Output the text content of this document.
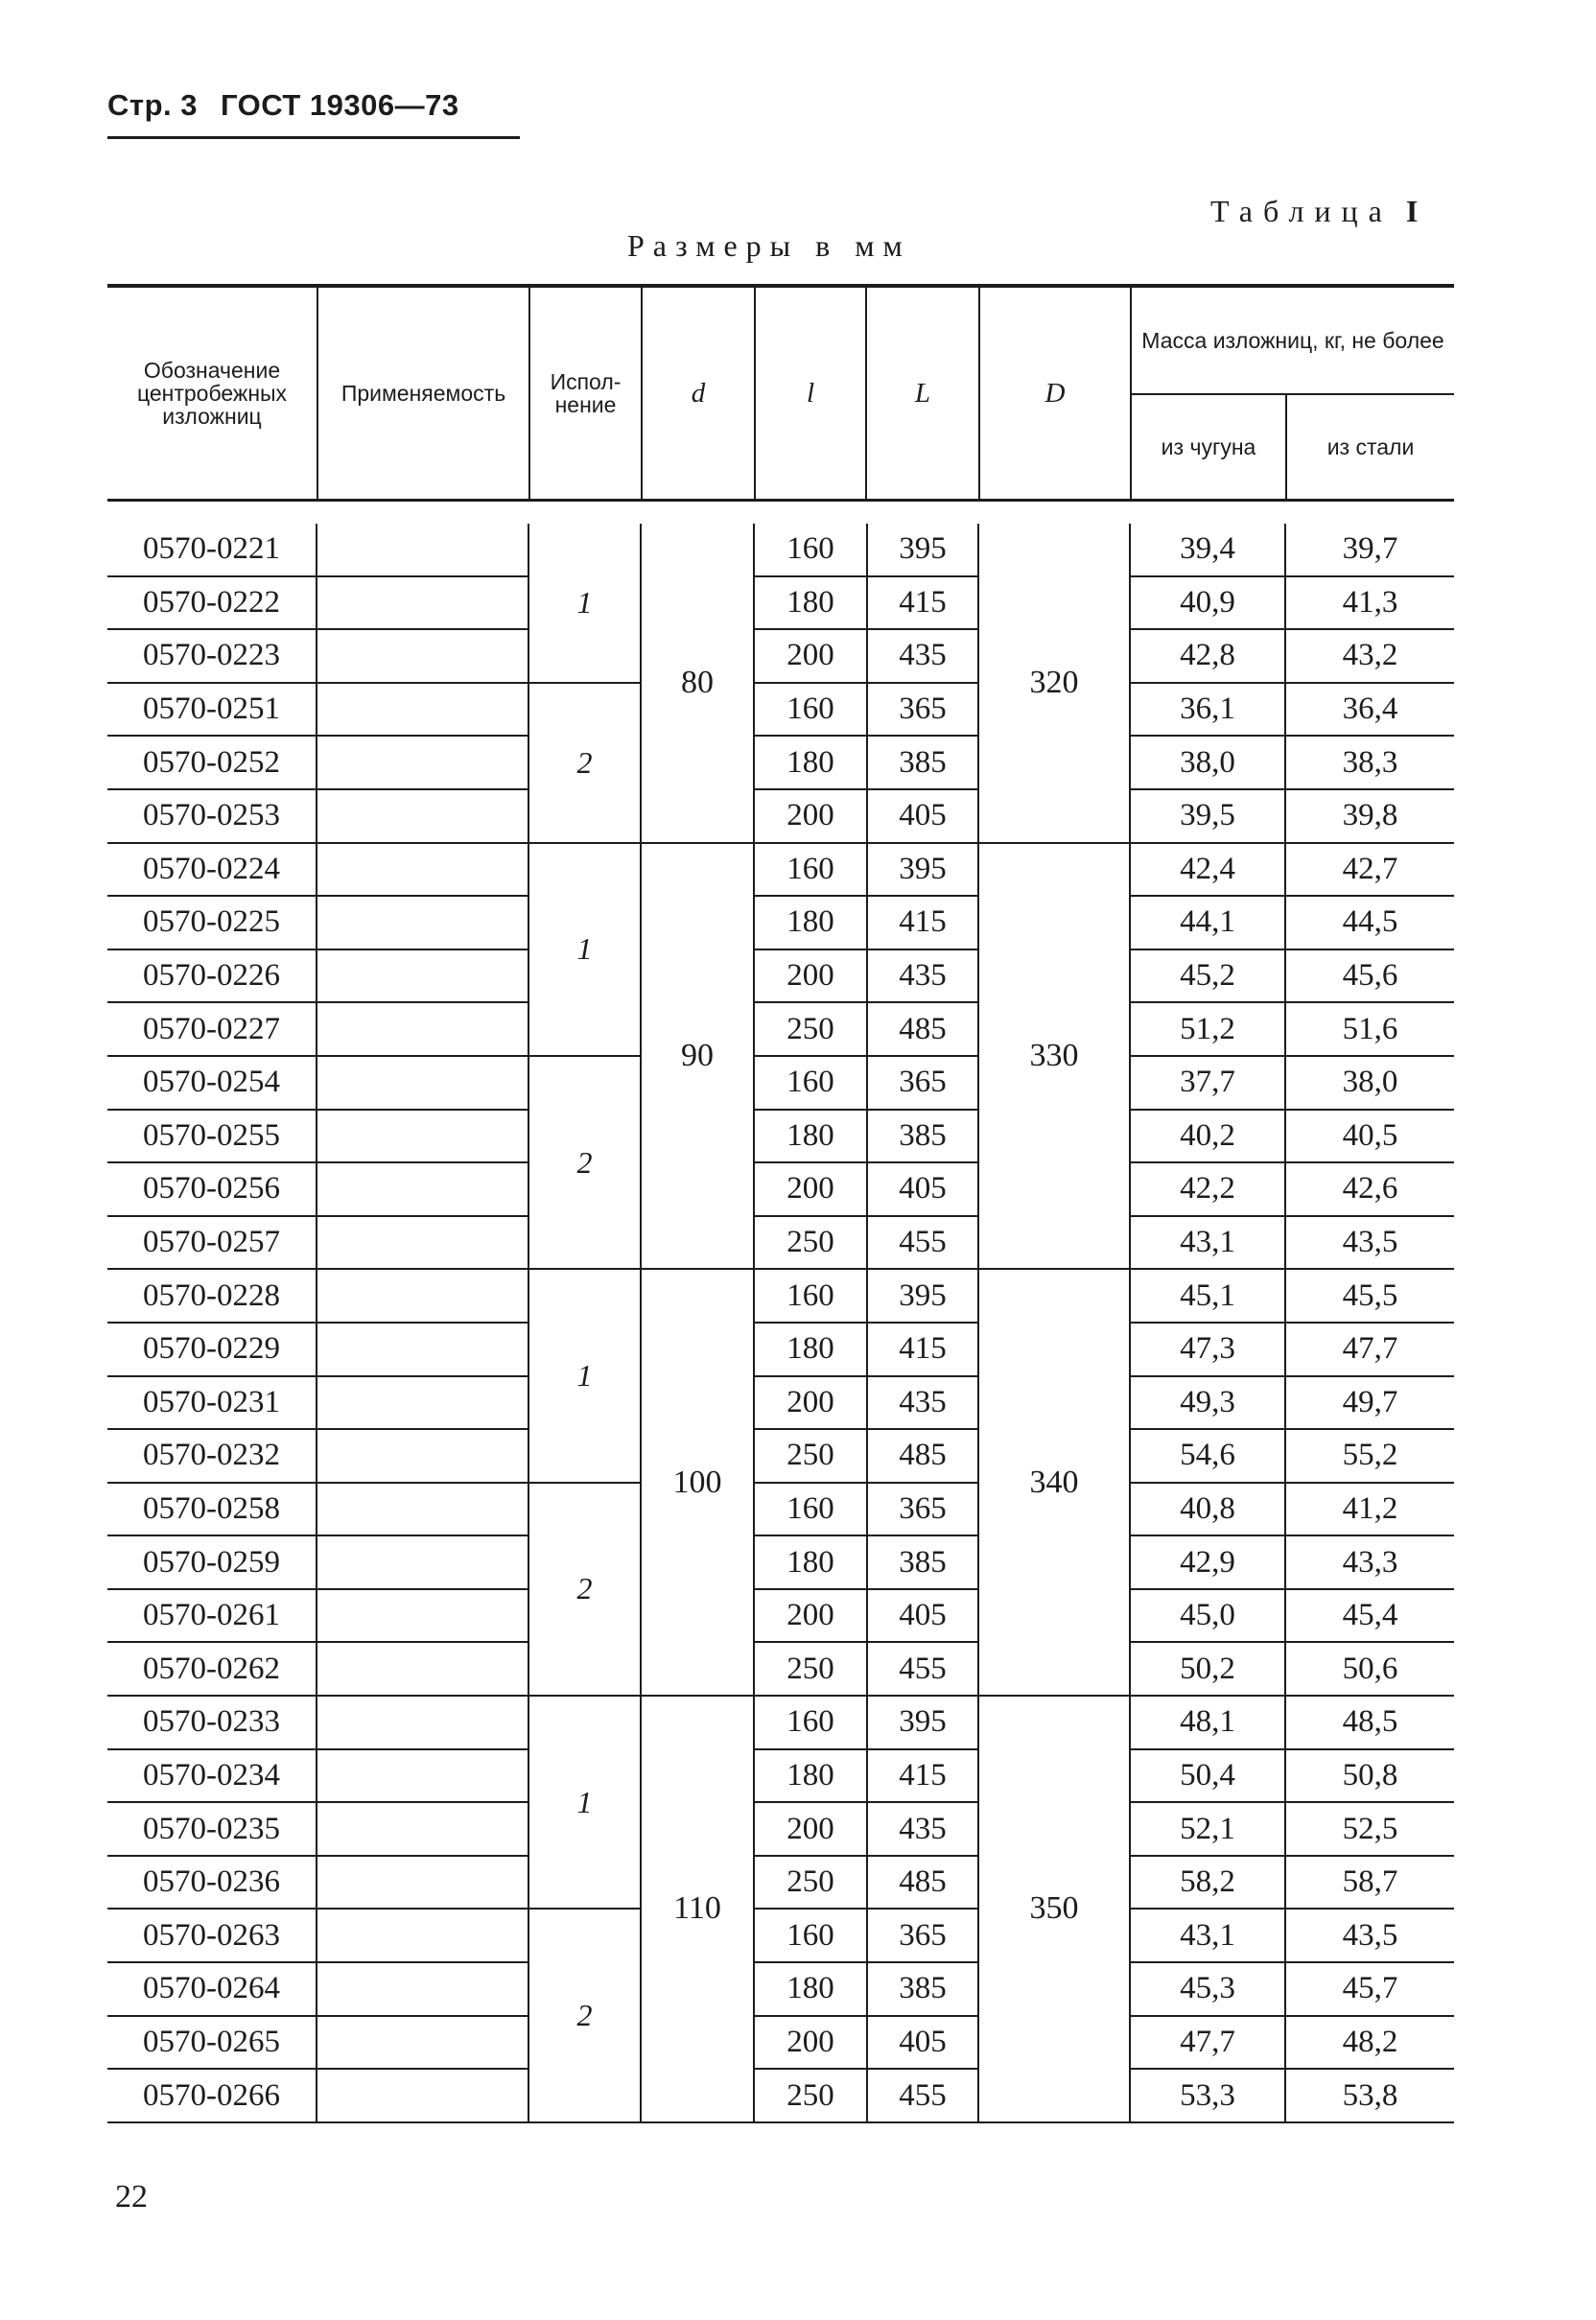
Стр. 3 ГОСТ 19306—73
Таблица I
Размеры в мм
Обозначение центробежных изложниц
Применяемость	Испол-нение	d	l	L	D
Масса изложниц, кг, не более
из чугуна	из стали
0570-0221		1	80	160	395	320	39,4	39,7
0570-0222				180	415		40,9	41,3
0570-0223				200	435		42,8	43,2
0570-0251		2		160	365		36,1	36,4
0570-0252				180	385		38,0	38,3
0570-0253				200	405		39,5	39,8
0570-0224		1	90	160	395	330	42,4	42,7
0570-0225				180	415		44,1	44,5
0570-0226				200	435		45,2	45,6
0570-0227				250	485		51,2	51,6
0570-0254		2		160	365		37,7	38,0
0570-0255				180	385		40,2	40,5
0570-0256				200	405		42,2	42,6
0570-0257				250	455		43,1	43,5
0570-0228		1	100	160	395	340	45,1	45,5
0570-0229				180	415		47,3	47,7
0570-0231				200	435		49,3	49,7
0570-0232				250	485		54,6	55,2
0570-0258		2		160	365		40,8	41,2
0570-0259				180	385		42,9	43,3
0570-0261				200	405		45,0	45,4
0570-0262				250	455		50,2	50,6
0570-0233		1	110	160	395	350	48,1	48,5
0570-0234				180	415		50,4	50,8
0570-0235				200	435		52,1	52,5
0570-0236				250	485		58,2	58,7
0570-0263		2		160	365		43,1	43,5
0570-0264				180	385		45,3	45,7
0570-0265				200	405		47,7	48,2
0570-0266				250	455		53,3	53,8
22
